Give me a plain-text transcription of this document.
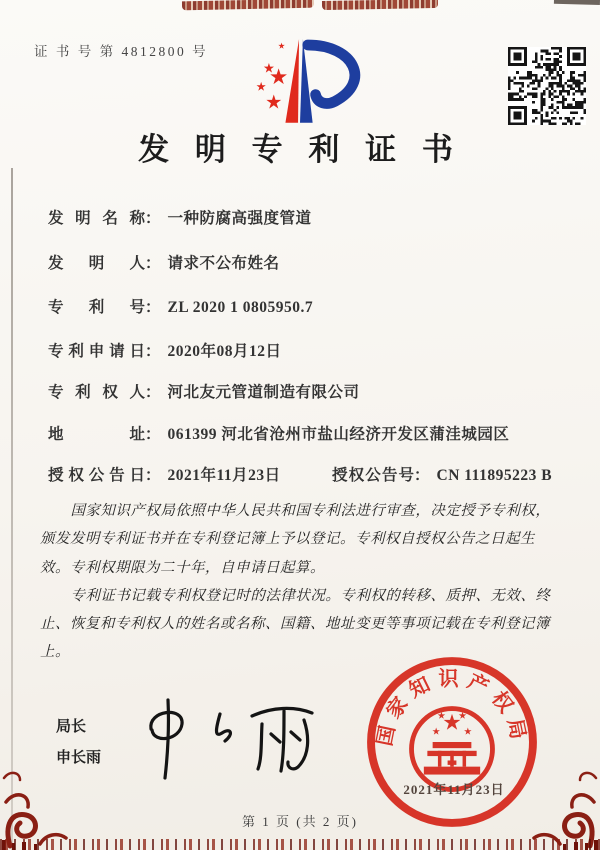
证 书 号 第 4812800 号
发 明 专 利 证 书
发明名称 ： 一种防腐高强度管道
发明人 ： 请求不公布姓名
专利号 ： ZL 2020 1 0805950.7
专利申请日 ： 2020年08月12日
专利权人 ： 河北友元管道制造有限公司
地址 ： 061399 河北省沧州市盐山经济开发区蒲洼城园区
授权公告日 ： 2021年11月23日	授权公告号 ： CN 111895223 B

国家知识产权局依照中华人民共和国专利法进行审查，决定授予专利权，颁发发明专利证书并在专利登记簿上予以登记。专利权自授权公告之日起生效。专利权期限为二十年，自申请日起算。

专利证书记载专利权登记时的法律状况。专利权的转移、质押、无效、终止、恢复和专利权人的姓名或名称、国籍、地址变更等事项记载在专利登记簿上。

局长
申长雨
国家知识产权局
2021年11月23日
第 1 页 (共 2 页)
